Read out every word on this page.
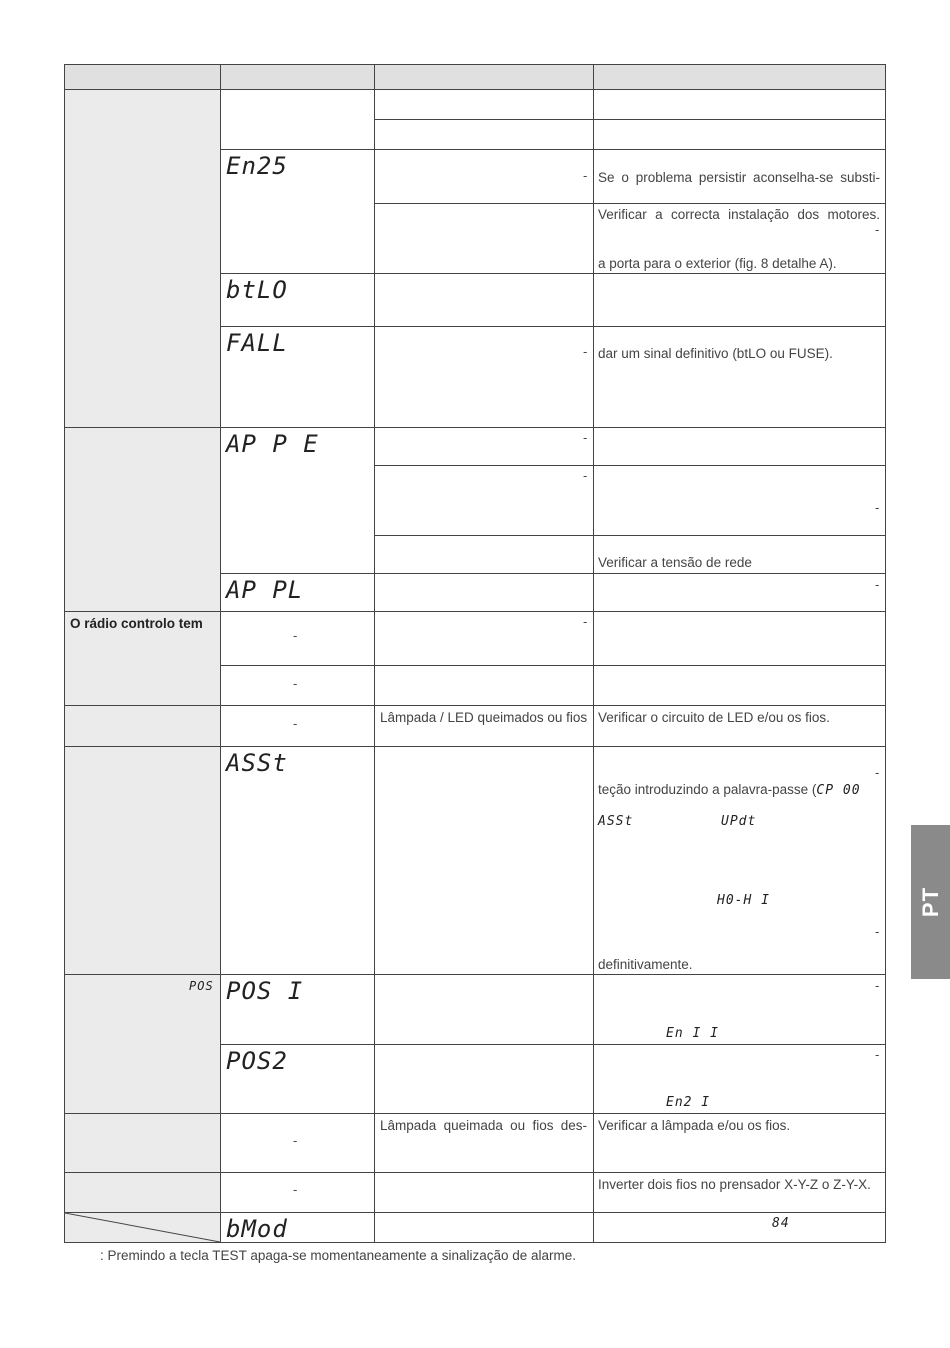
O rádio controlo tem
POS
En25
btLO
FALL
AP P E
AP PL
ASSt
POS I
POS2
bMod
-
-
-
-
-
Lâmpada / LED queimados ou fios
Lâmpada queimada ou fios des-
-
-
-
-
-
Se o problema persistir aconselha-se substi-
Verificar a correcta instalação dos motores.
a porta para o exterior (fig. 8 detalhe A).
dar um sinal definitivo (btLO ou FUSE).
Verificar a tensão de rede
Verificar o circuito de LED e/ou os fios.
teção introduzindo a palavra-passe (CP 00
ASSt	UPdt
H0-H I
definitivamente.
En I I
En2 I
Verificar a lâmpada e/ou os fios.
Inverter dois fios no prensador X-Y-Z o Z-Y-X.
84
-
-
-
-
-
-
-
: Premindo a tecla TEST apaga-se momentaneamente a sinalização de alarme.
PT
